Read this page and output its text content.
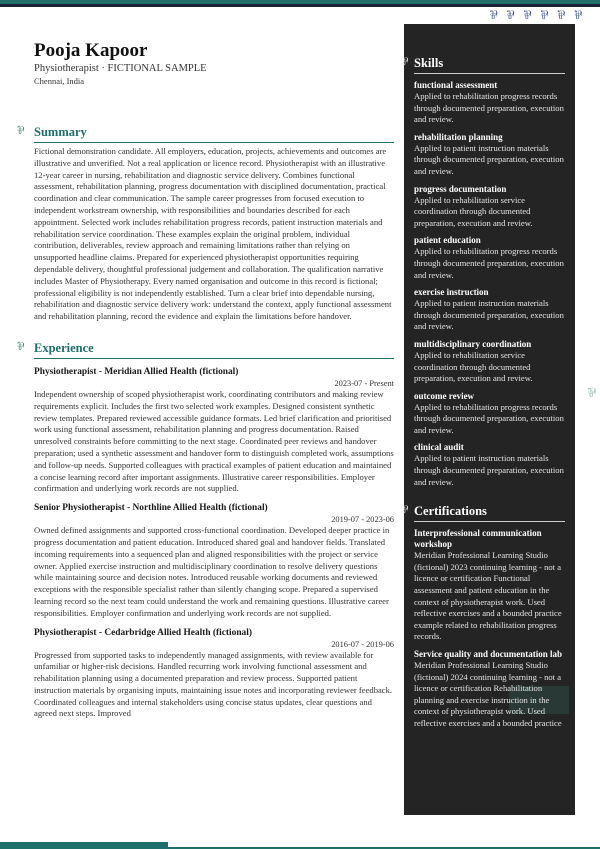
⅌ ⅌ ⅌ ⅌ ⅌ ⅌
⅌
Pooja Kapoor
Physiotherapist · FICTIONAL SAMPLE
Chennai, India
⅌ Summary
Fictional demonstration candidate. All employers, education, projects, achievements and outcomes are illustrative and unverified. Not a real application or licence record. Physiotherapist with an illustrative 12-year career in nursing, rehabilitation and diagnostic service delivery. Combines functional assessment, rehabilitation planning, progress documentation with disciplined documentation, practical coordination and clear communication. The sample career progresses from focused execution to independent workstream ownership, with responsibilities and boundaries described for each appointment. Selected work includes rehabilitation progress records, patient instruction materials and rehabilitation service coordination. These examples explain the original problem, individual contribution, deliverables, review approach and remaining limitations rather than relying on unsupported headline claims. Prepared for experienced physiotherapist opportunities requiring dependable delivery, thoughtful professional judgement and collaboration. The qualification narrative includes Master of Physiotherapy. Every named organisation and outcome in this record is fictional; professional eligibility is not independently established. Turn a clear brief into dependable nursing, rehabilitation and diagnostic service delivery work: understand the context, apply functional assessment and rehabilitation planning, record the evidence and explain the limitations before handover.
⅌ Experience
Physiotherapist - Meridian Allied Health (fictional)
2023-07 - Present
Independent ownership of scoped physiotherapist work, coordinating contributors and making review requirements explicit. Includes the first two selected work examples. Designed consistent synthetic review templates. Prepared reviewed accessible guidance formats. Led brief clarification and prioritised work using functional assessment, rehabilitation planning and progress documentation. Raised unresolved constraints before committing to the next stage. Coordinated peer reviews and handover preparation; used a synthetic assessment and handover form to distinguish completed work, assumptions and follow-up needs. Supported colleagues with practical examples of patient education and maintained a concise learning record after important assignments. Illustrative career responsibilities. Employer confirmation and underlying work records are not supplied.
Senior Physiotherapist - Northline Allied Health (fictional)
2019-07 - 2023-06
Owned defined assignments and supported cross-functional coordination. Developed deeper practice in progress documentation and patient education. Introduced shared goal and handover fields. Translated incoming requirements into a sequenced plan and aligned responsibilities with the project or service owner. Applied exercise instruction and multidisciplinary coordination to resolve delivery questions while maintaining source and decision notes. Introduced reusable working documents and reviewed exceptions with the responsible specialist rather than silently changing scope. Prepared a supervised learning record so the next team could understand the work and remaining questions. Illustrative career responsibilities. Employer confirmation and underlying work records are not supplied.
Physiotherapist - Cedarbridge Allied Health (fictional)
2016-07 - 2019-06
Progressed from supported tasks to independently managed assignments, with review available for unfamiliar or higher-risk decisions. Handled recurring work involving functional assessment and rehabilitation planning using a documented preparation and review process. Supported patient instruction materials by organising inputs, maintaining issue notes and incorporating reviewer feedback. Coordinated colleagues and internal stakeholders using concise status updates, clear questions and agreed next steps. Improved
⅌ Skills
functional assessment
Applied to rehabilitation progress records through documented preparation, execution and review.
rehabilitation planning
Applied to patient instruction materials through documented preparation, execution and review.
progress documentation
Applied to rehabilitation service coordination through documented preparation, execution and review.
patient education
Applied to rehabilitation progress records through documented preparation, execution and review.
exercise instruction
Applied to patient instruction materials through documented preparation, execution and review.
multidisciplinary coordination
Applied to rehabilitation service coordination through documented preparation, execution and review.
outcome review
Applied to rehabilitation progress records through documented preparation, execution and review.
clinical audit
Applied to patient instruction materials through documented preparation, execution and review.
⅌ Certifications
Interprofessional communication workshop
Meridian Professional Learning Studio (fictional) 2023 continuing learning - not a licence or certification Functional assessment and patient education in the context of physiotherapist work. Used reflective exercises and a bounded practice example related to rehabilitation progress records.
Service quality and documentation lab
Meridian Professional Learning Studio (fictional) 2024 continuing learning - not a licence or certification Rehabilitation planning and exercise instruction in the context of physiotherapist work. Used reflective exercises and a bounded practice
